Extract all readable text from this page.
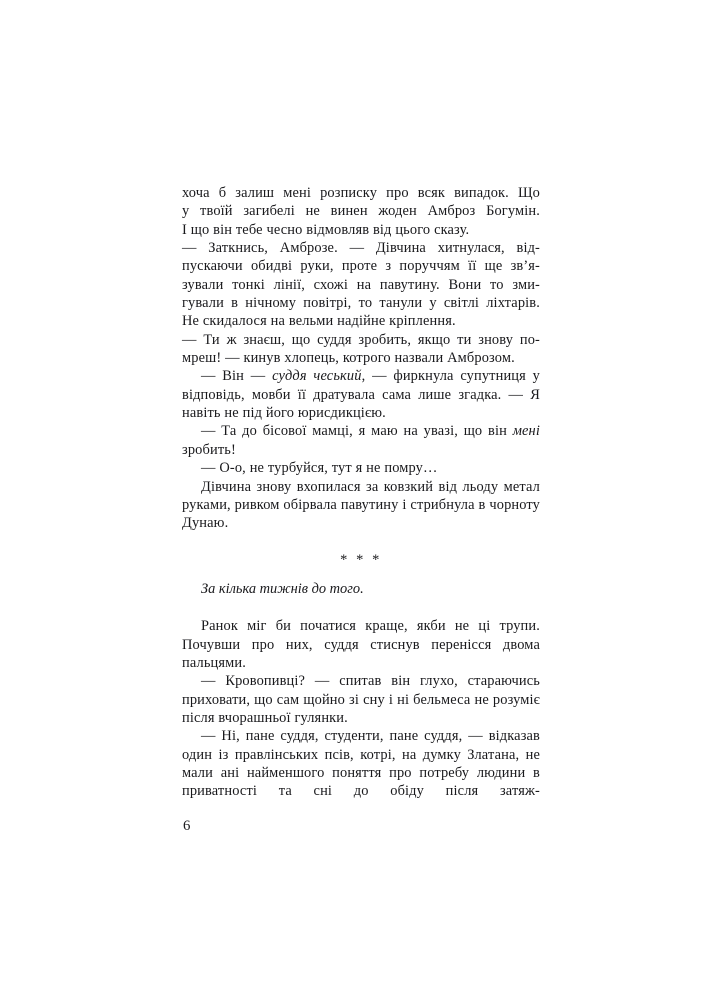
хоча б залиш мені розписку про всяк випадок. Що

у твоїй загибелі не винен жоден Амброз Богумін.

І що він тебе чесно відмовляв від цього сказу.

— Заткнись, Амброзе. — Дівчина хитнулася, від-

пускаючи обидві руки, проте з поруччям її ще зв’я-

зували тонкі лінії, схожі на павутину. Вони то зми-

гували в нічному повітрі, то танули у світлі ліхтарів.

Не скидалося на вельми надійне кріплення.

— Ти ж знаєш, що суддя зробить, якщо ти знову по-

мреш! — кинув хлопець, котрого назвали Амброзом.

— Він — суддя чеський, — фиркнула супутниця у відповідь, мовби її дратувала сама лише згадка. — Я навіть не під його юрисдикцією.

— Та до бісової мамці, я маю на увазі, що він мені зробить!

— О-о, не турбуйся, тут я не помру…

Дівчина знову вхопилася за ковзкий від льоду метал руками, ривком обірвала павутину і стрибнула в чорноту Дунаю.

* * *

За кілька тижнів до того.

Ранок міг би початися краще, якби не ці трупи. Почувши про них, суддя стиснув перенісся двома пальцями.

— Кровопивці? — спитав він глухо, стараючись приховати, що сам щойно зі сну і ні бельмеса не розуміє після вчорашньої гулянки.

— Ні, пане суддя, студенти, пане суддя, — відказав один із правлінських псів, котрі, на думку Златана, не мали ані найменшого поняття про потребу людини в приватності та сні до обіду після затяж-

6
